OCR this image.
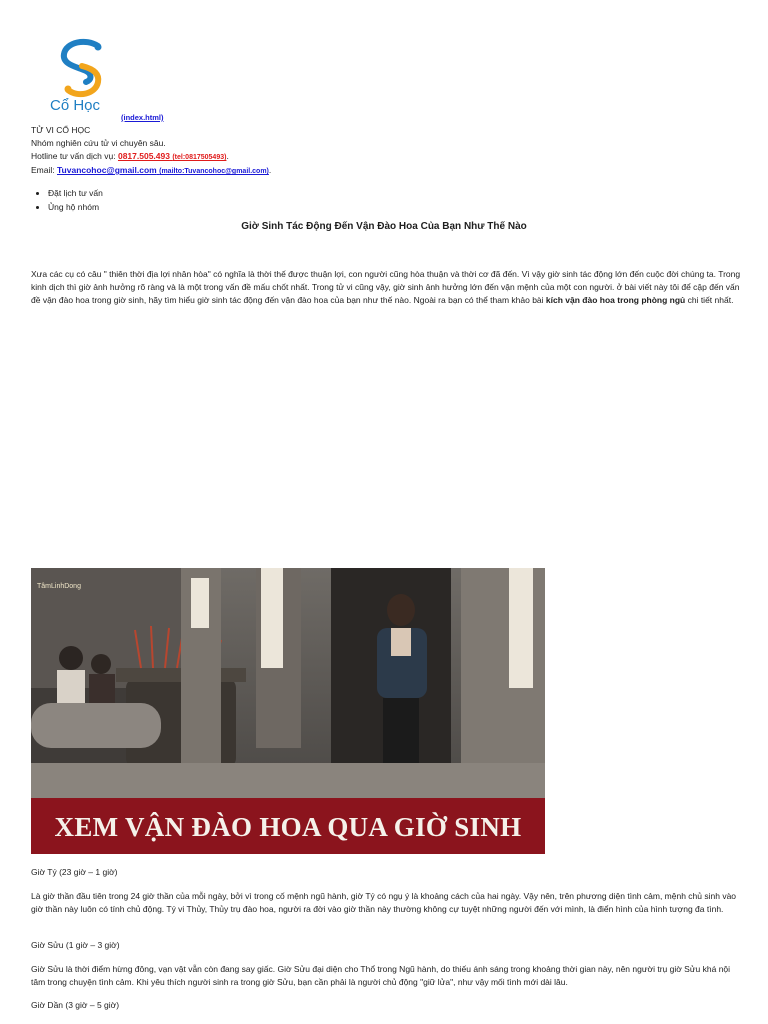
Cổ Học
(index.html)
TỬ VI CỔ HỌC
Nhóm nghiên cứu tử vi chuyên sâu.
Hotline tư vấn dịch vụ: 0817.505.493 (tel:0817505493).
Email: Tuvancohoc@gmail.com (mailto:Tuvancohoc@gmail.com).
• Đặt lịch tư vấn
• Ủng hộ nhóm
Giờ Sinh Tác Động Đến Vận Đào Hoa Của Bạn Như Thế Nào
Xưa các cụ có câu " thiên thời địa lợi nhân hòa" có nghĩa là thời thế được thuận lợi, con người cũng hòa thuận và thời cơ đã đến. Vì vậy giờ sinh tác động lớn đến cuộc đời chúng ta. Trong kinh dịch thì giờ ảnh hưởng rõ ràng và là một trong vấn đề mấu chốt nhất. Trong tử vi cũng vậy, giờ sinh ảnh hưởng lớn đến vận mệnh của một con người. ở bài viết này tôi để cập đến vấn đề vận đào hoa trong giờ sinh, hãy tìm hiểu giờ sinh tác động đến vận đào hoa của bạn như thế nào. Ngoài ra bạn có thể tham khảo bài kích vận đào hoa trong phòng ngủ chi tiết nhất.
TâmLinhDong
XEM VẬN ĐÀO HOA QUA GIỜ SINH
Giờ Tý (23 giờ – 1 giờ)
Là giờ thần đầu tiên trong 24 giờ thần của mỗi ngày, bởi vì trong cố mệnh ngũ hành, giờ Tý có ngụ ý là khoảng cách của hai ngày. Vậy nên, trên phương diện tình cảm, mệnh chủ sinh vào giờ thần này luôn có tính chủ động. Tý vi Thủy, Thủy trụ đào hoa, người ra đời vào giờ thần này thường không cự tuyệt những người đến với mình, là điển hình của hình tượng đa tình.
Giờ Sửu (1 giờ – 3 giờ)
Giờ Sửu là thời điểm hừng đông, vạn vật vẫn còn đang say giấc. Giờ Sửu đại diện cho Thổ trong Ngũ hành, do thiếu ánh sáng trong khoảng thời gian này, nên người trụ giờ Sửu khá nội tâm trong chuyện tình cảm. Khi yêu thích người sinh ra trong giờ Sửu, bạn cần phải là người chủ động "giữ lửa", như vậy mối tình mới dài lâu.
Giờ Dần (3 giờ – 5 giờ)
